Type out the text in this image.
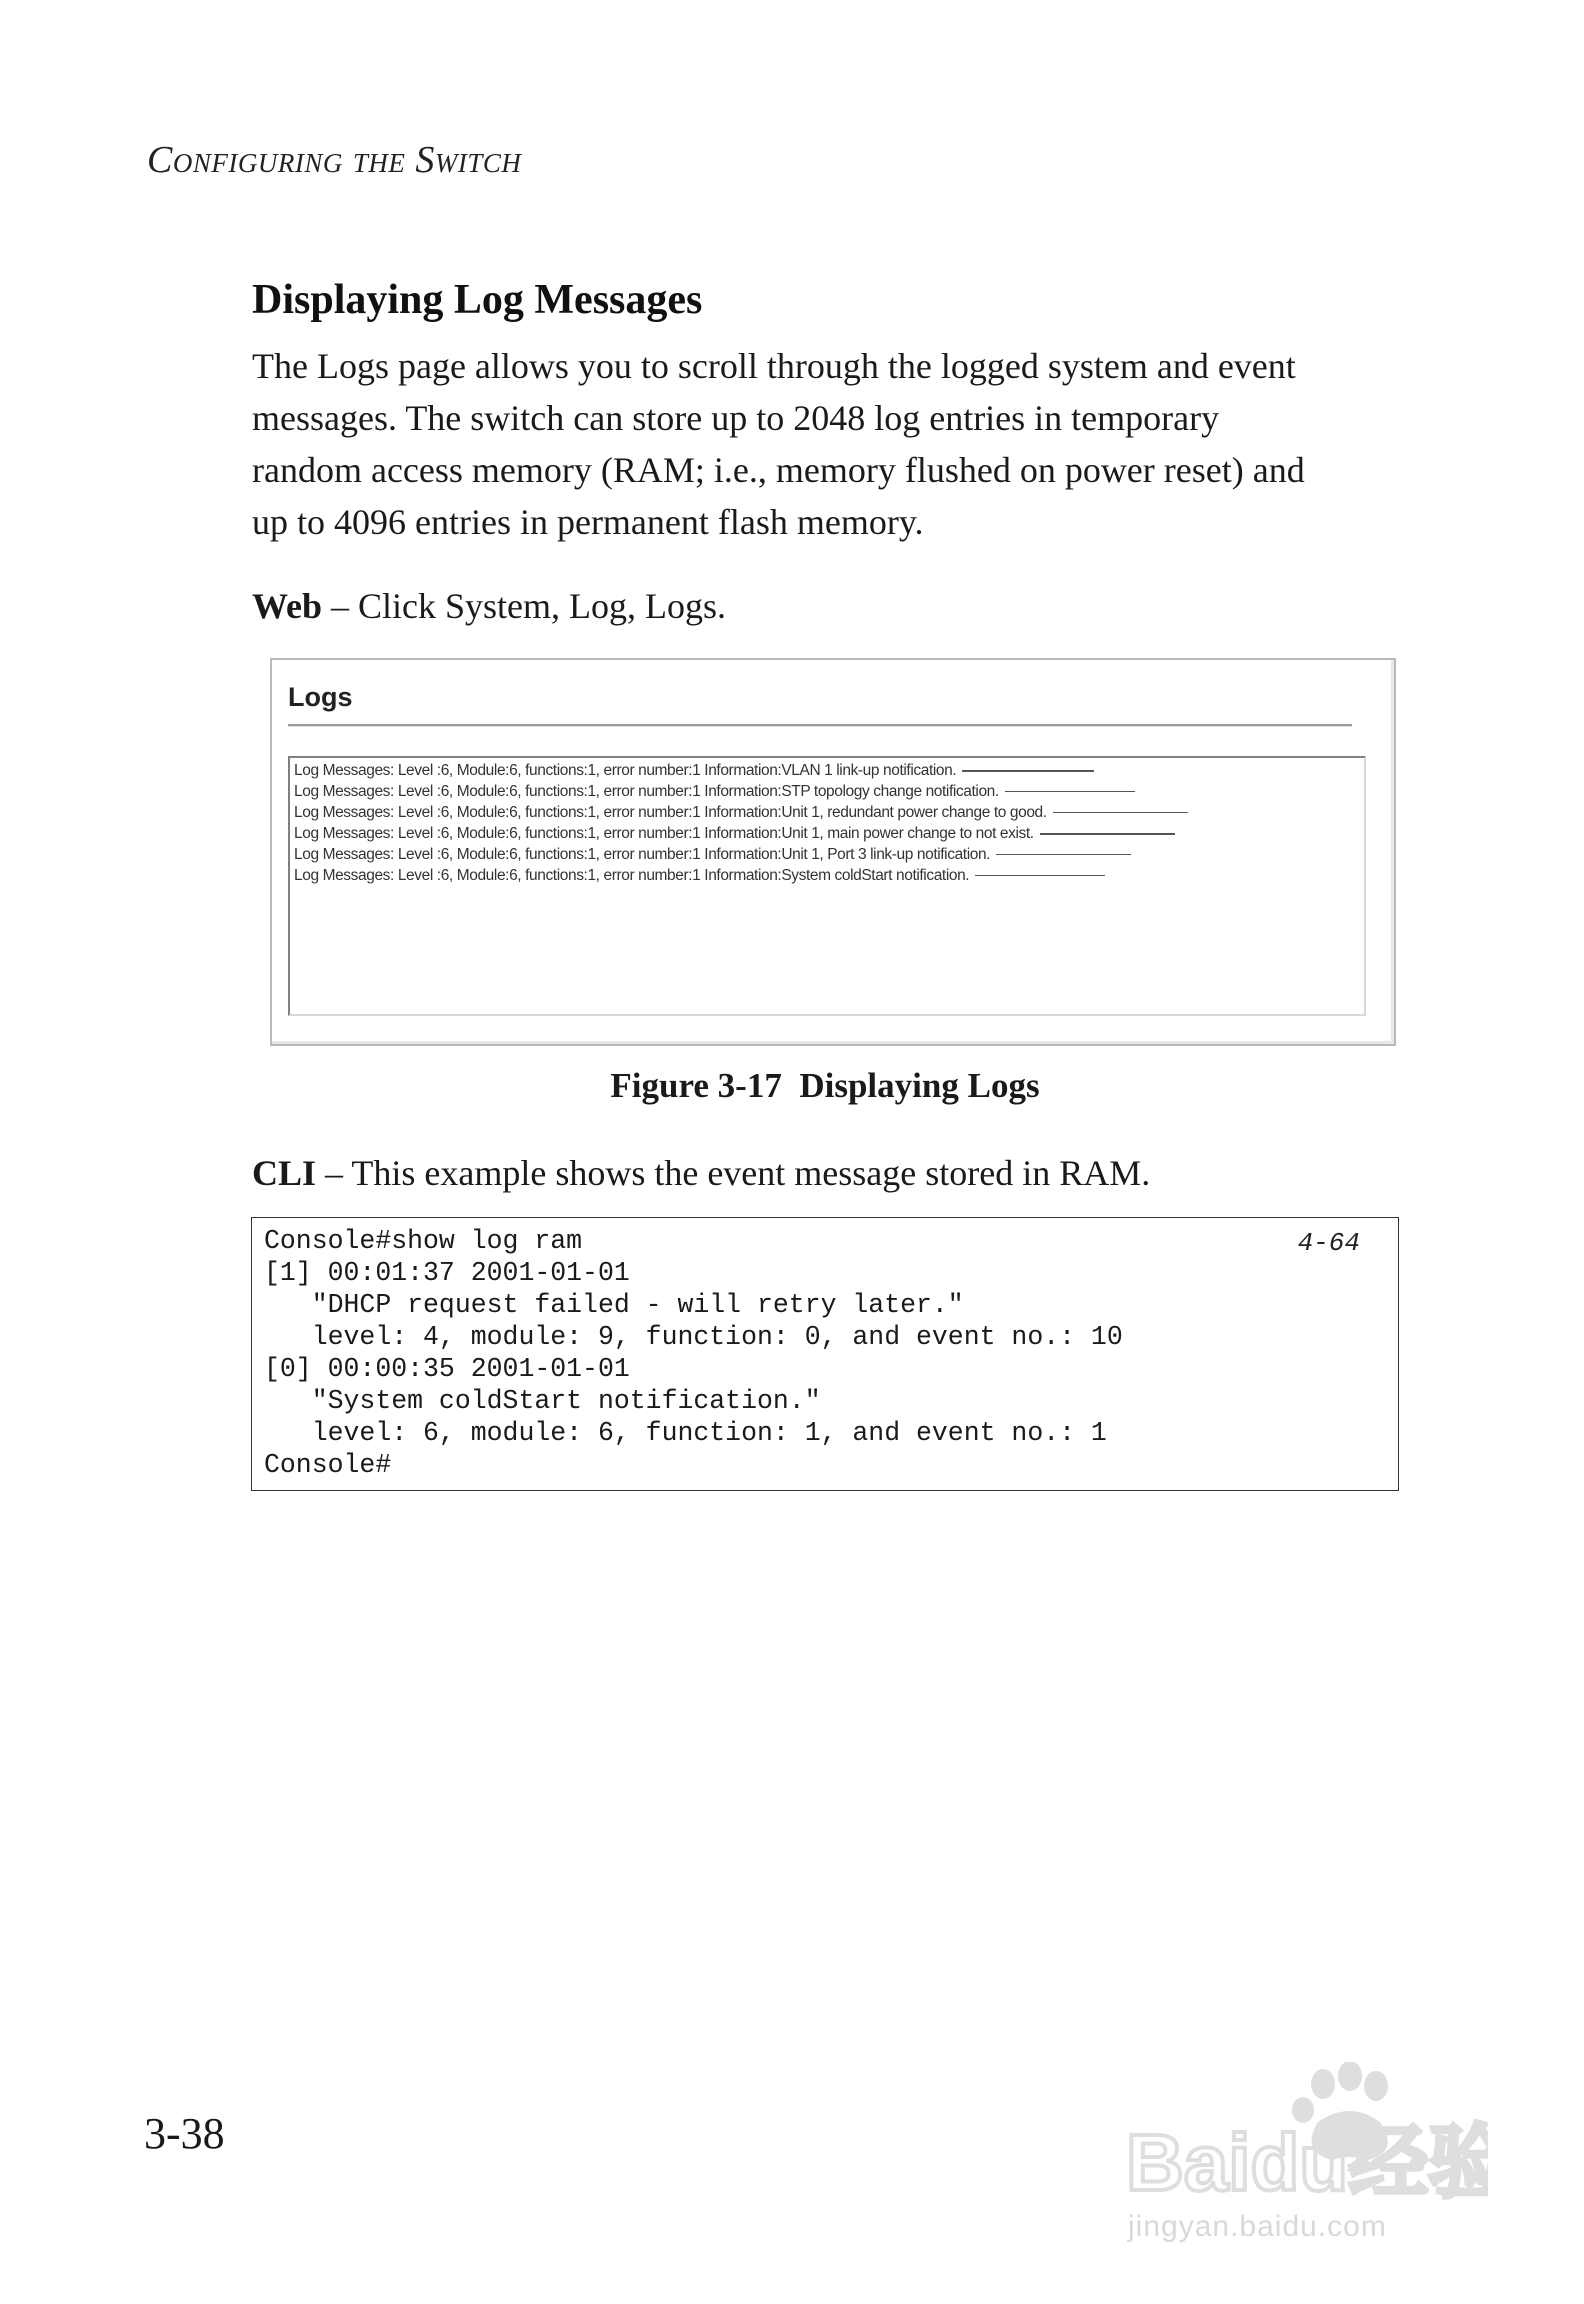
Configuring the Switch
Displaying Log Messages
The Logs page allows you to scroll through the logged system and event
messages. The switch can store up to 2048 log entries in temporary
random access memory (RAM; i.e., memory flushed on power reset) and
up to 4096 entries in permanent flash memory.
Web – Click System, Log, Logs.
Logs
Log Messages: Level :6, Module:6, functions:1, error number:1 Information:VLAN 1 link-up notification.
Log Messages: Level :6, Module:6, functions:1, error number:1 Information:STP topology change notification.
Log Messages: Level :6, Module:6, functions:1, error number:1 Information:Unit 1, redundant power change to good.
Log Messages: Level :6, Module:6, functions:1, error number:1 Information:Unit 1, main power change to not exist.
Log Messages: Level :6, Module:6, functions:1, error number:1 Information:Unit 1, Port 3 link-up notification.
Log Messages: Level :6, Module:6, functions:1, error number:1 Information:System coldStart notification.
Figure 3-17 Displaying Logs
CLI – This example shows the event message stored in RAM.
Console#show log ram
[1] 00:01:37 2001-01-01
"DHCP request failed - will retry later."
level: 4, module: 9, function: 0, and event no.: 10
[0] 00:00:35 2001-01-01
"System coldStart notification."
level: 6, module: 6, function: 1, and event no.: 1
Console#
4-64
3-38	Baidu经验
jingyan.baidu.com
